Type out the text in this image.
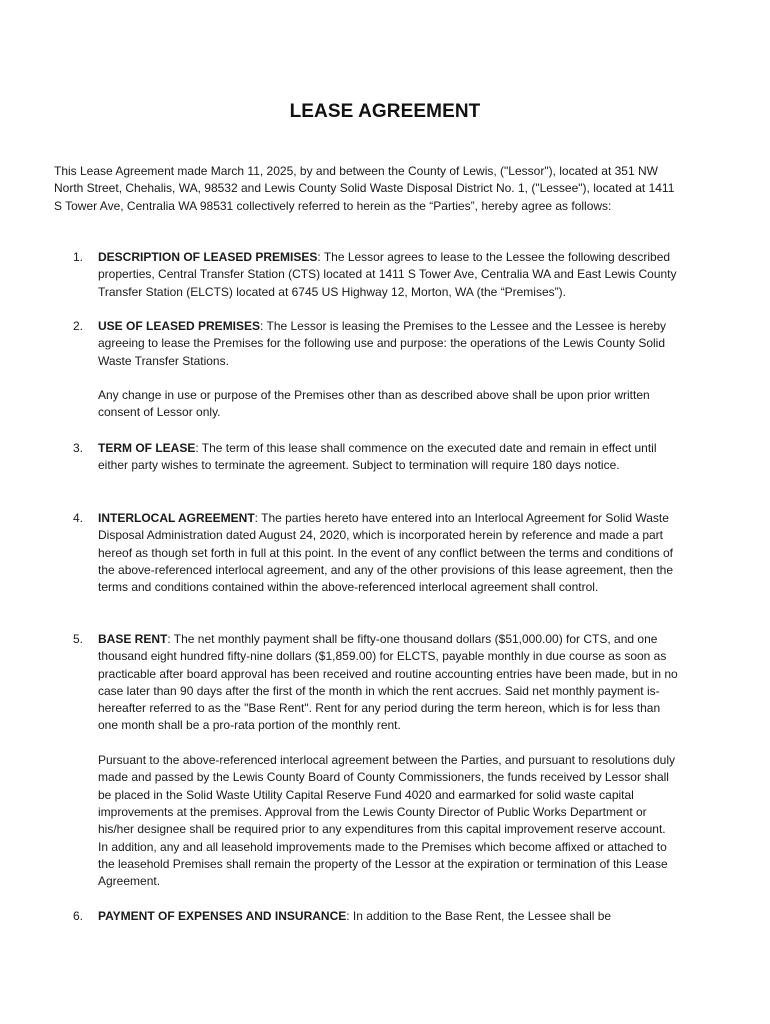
LEASE AGREEMENT

This Lease Agreement made March 11, 2025, by and between the County of Lewis, ("Lessor"), located at 351 NW North Street, Chehalis, WA, 98532 and Lewis County Solid Waste Disposal District No. 1, ("Lessee"), located at 1411 S Tower Ave, Centralia WA 98531 collectively referred to herein as the “Parties”, hereby agree as follows:

1.	DESCRIPTION OF LEASED PREMISES: The Lessor agrees to lease to the Lessee the following described properties, Central Transfer Station (CTS) located at 1411 S Tower Ave, Centralia WA and East Lewis County Transfer Station (ELCTS) located at 6745 US Highway 12, Morton, WA (the “Premises”).

2.	USE OF LEASED PREMISES: The Lessor is leasing the Premises to the Lessee and the Lessee is hereby agreeing to lease the Premises for the following use and purpose: the operations of the Lewis County Solid Waste Transfer Stations.

Any change in use or purpose of the Premises other than as described above shall be upon prior written consent of Lessor only.

3.	TERM OF LEASE: The term of this lease shall commence on the executed date and remain in effect until either party wishes to terminate the agreement. Subject to termination will require 180 days notice.

4.	INTERLOCAL AGREEMENT: The parties hereto have entered into an Interlocal Agreement for Solid Waste Disposal Administration dated August 24, 2020, which is incorporated herein by reference and made a part hereof as though set forth in full at this point. In the event of any conflict between the terms and conditions of the above-referenced interlocal agreement, and any of the other provisions of this lease agreement, then the terms and conditions contained within the above-referenced interlocal agreement shall control.

5.	BASE RENT: The net monthly payment shall be fifty-one thousand dollars ($51,000.00) for CTS, and one thousand eight hundred fifty-nine dollars ($1,859.00) for ELCTS, payable monthly in due course as soon as practicable after board approval has been received and routine accounting entries have been made, but in no case later than 90 days after the first of the month in which the rent accrues. Said net monthly payment is-hereafter referred to as the "Base Rent". Rent for any period during the term hereon, which is for less than one month shall be a pro-rata portion of the monthly rent.

Pursuant to the above-referenced interlocal agreement between the Parties, and pursuant to resolutions duly made and passed by the Lewis County Board of County Commissioners, the funds received by Lessor shall be placed in the Solid Waste Utility Capital Reserve Fund 4020 and earmarked for solid waste capital improvements at the premises. Approval from the Lewis County Director of Public Works Department or his/her designee shall be required prior to any expenditures from this capital improvement reserve account. In addition, any and all leasehold improvements made to the Premises which become affixed or attached to the leasehold Premises shall remain the property of the Lessor at the expiration or termination of this Lease Agreement.

6.	PAYMENT OF EXPENSES AND INSURANCE: In addition to the Base Rent, the Lessee shall be
